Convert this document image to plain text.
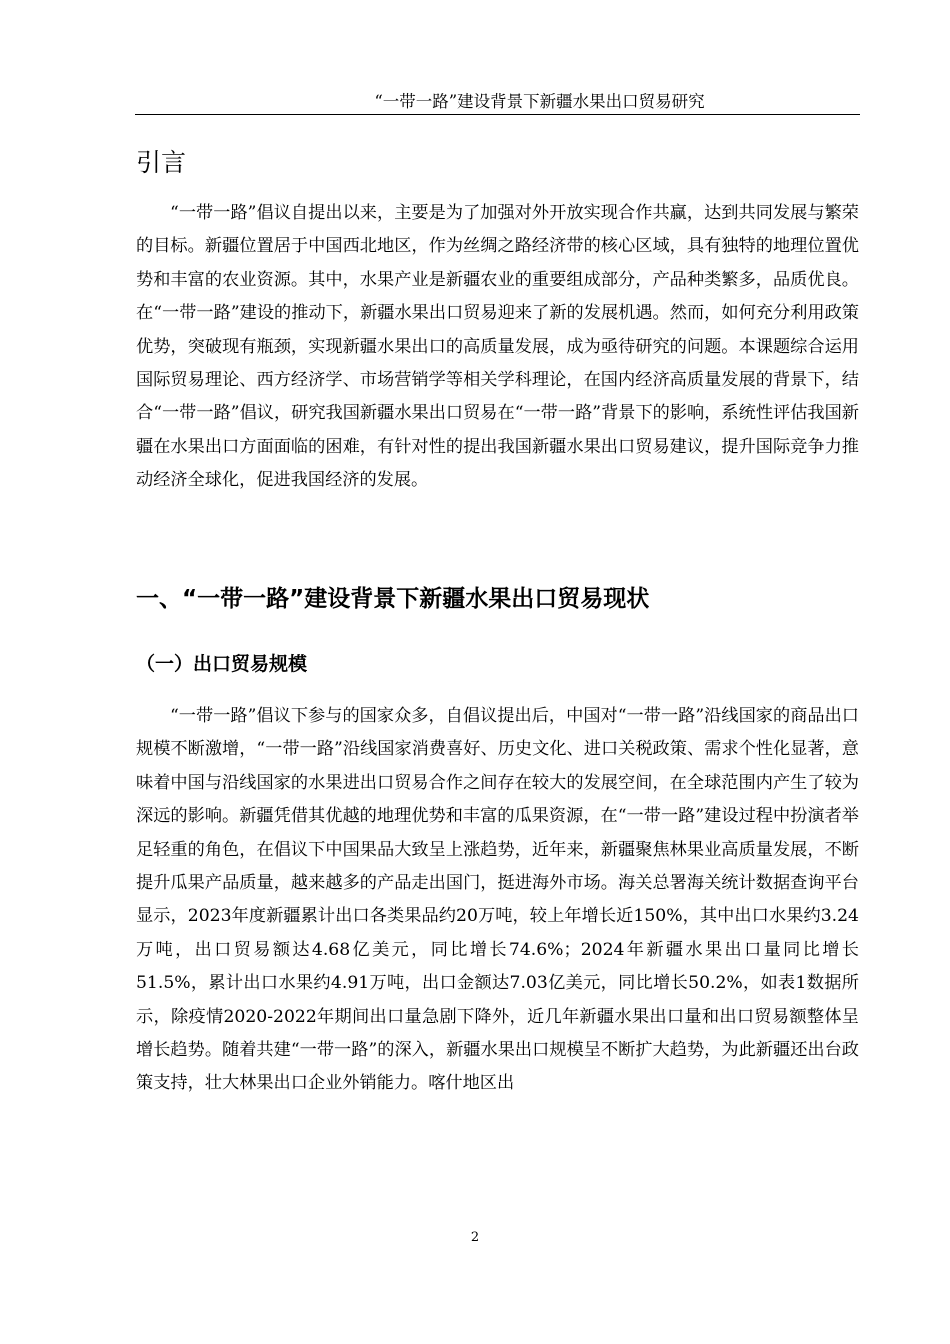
“一带一路”建设背景下新疆水果出口贸易研究
引言

“一带一路”倡议自提出以来，主要是为了加强对外开放实现合作共赢，达到共同发展与繁荣的目标。新疆位置居于中国西北地区，作为丝绸之路经济带的核心区域，具有独特的地理位置优势和丰富的农业资源。其中，水果产业是新疆农业的重要组成部分，产品种类繁多，品质优良。在“一带一路”建设的推动下，新疆水果出口贸易迎来了新的发展机遇。然而，如何充分利用政策优势，突破现有瓶颈，实现新疆水果出口的高质量发展，成为亟待研究的问题。本课题综合运用国际贸易理论、西方经济学、市场营销学等相关学科理论，在国内经济高质量发展的背景下，结合“一带一路”倡议，研究我国新疆水果出口贸易在“一带一路”背景下的影响，系统性评估我国新疆在水果出口方面面临的困难，有针对性的提出我国新疆水果出口贸易建议，提升国际竞争力推动经济全球化，促进我国经济的发展。

一、“一带一路”建设背景下新疆水果出口贸易现状
（一）出口贸易规模

“一带一路”倡议下参与的国家众多，自倡议提出后，中国对“一带一路”沿线国家的商品出口规模不断激增，“一带一路”沿线国家消费喜好、历史文化、进口关税政策、需求个性化显著，意味着中国与沿线国家的水果进出口贸易合作之间存在较大的发展空间，在全球范围内产生了较为深远的影响。新疆凭借其优越的地理优势和丰富的瓜果资源，在“一带一路”建设过程中扮演者举足轻重的角色，在倡议下中国果品大致呈上涨趋势，近年来，新疆聚焦林果业高质量发展，不断提升瓜果产品质量，越来越多的产品走出国门，挺进海外市场。海关总署海关统计数据查询平台显示，2023年度新疆累计出口各类果品约20万吨，较上年增长近150%，其中出口水果约3.24万吨，出口贸易额达4.68亿美元，同比增长74.6%；2024年新疆水果出口量同比增长51.5%，累计出口水果约4.91万吨，出口金额达7.03亿美元，同比增长50.2%，如表1数据所示，除疫情2020-2022年期间出口量急剧下降外，近几年新疆水果出口量和出口贸易额整体呈增长趋势。随着共建“一带一路”的深入，新疆水果出口规模呈不断扩大趋势，为此新疆还出台政策支持，壮大林果出口企业外销能力。喀什地区出

2
